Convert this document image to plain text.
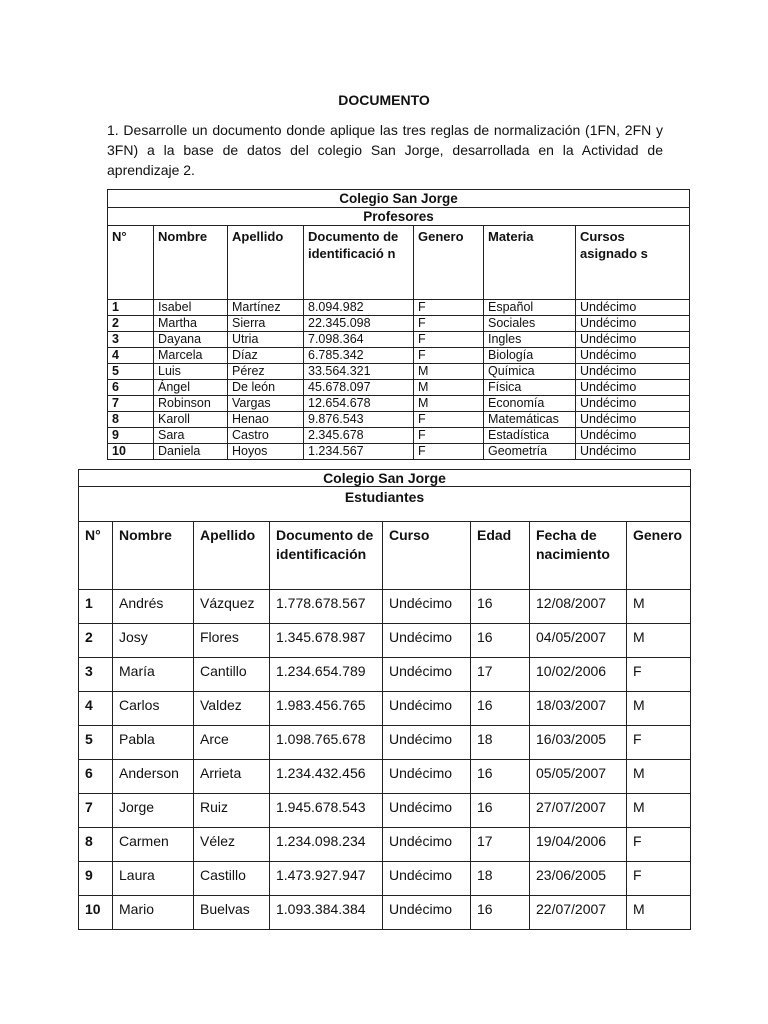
DOCUMENTO
1. Desarrolle un documento donde aplique las tres reglas de normalización (1FN, 2FN y 3FN) a la base de datos del colegio San Jorge, desarrollada en la Actividad de aprendizaje 2.
Colegio San Jorge						
Profesores						
N°	Nombre	Apellido	Documento de identificació n	Genero	Materia	Cursos asignado s
1	Isabel	Martínez	8.094.982	F	Español	Undécimo
2	Martha	Sierra	22.345.098	F	Sociales	Undécimo
3	Dayana	Utria	7.098.364	F	Ingles	Undécimo
4	Marcela	Díaz	6.785.342	F	Biología	Undécimo
5	Luis	Pérez	33.564.321	M	Química	Undécimo
6	Ángel	De león	45.678.097	M	Física	Undécimo
7	Robinson	Vargas	12.654.678	M	Economía	Undécimo
8	Karoll	Henao	9.876.543	F	Matemáticas	Undécimo
9	Sara	Castro	2.345.678	F	Estadística	Undécimo
10	Daniela	Hoyos	1.234.567	F	Geometría	Undécimo
Colegio San Jorge							
Estudiantes							
N°	Nombre	Apellido	Documento de identificación	Curso	Edad	Fecha de nacimiento	Genero
1	Andrés	Vázquez	1.778.678.567	Undécimo	16	12/08/2007	M
2	Josy	Flores	1.345.678.987	Undécimo	16	04/05/2007	M
3	María	Cantillo	1.234.654.789	Undécimo	17	10/02/2006	F
4	Carlos	Valdez	1.983.456.765	Undécimo	16	18/03/2007	M
5	Pabla	Arce	1.098.765.678	Undécimo	18	16/03/2005	F
6	Anderson	Arrieta	1.234.432.456	Undécimo	16	05/05/2007	M
7	Jorge	Ruiz	1.945.678.543	Undécimo	16	27/07/2007	M
8	Carmen	Vélez	1.234.098.234	Undécimo	17	19/04/2006	F
9	Laura	Castillo	1.473.927.947	Undécimo	18	23/06/2005	F
10	Mario	Buelvas	1.093.384.384	Undécimo	16	22/07/2007	M
